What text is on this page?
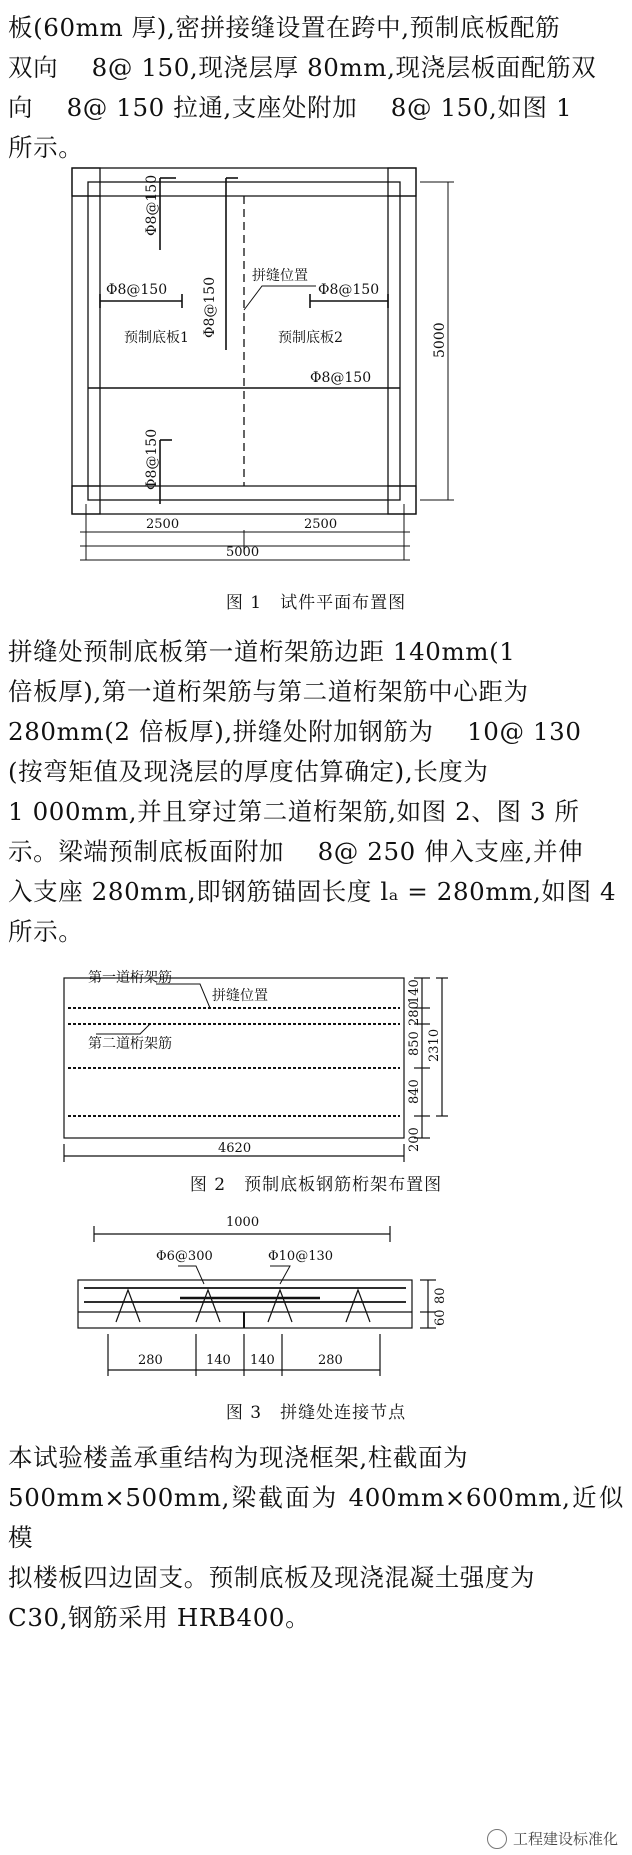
板(60mm 厚),密拼接缝设置在跨中,预制底板配筋

双向　 8@ 150,现浇层厚 80mm,现浇层板面配筋双

向　 8@ 150 拉通,支座处附加　 8@ 150,如图 1

所示。

Φ8@150
Φ8@150
Φ8@150
Φ8@150	Φ8@150
Φ8@150
拼缝位置
预制底板1	预制底板2	5000
2500	2500
5000
图 1　试件平面布置图

拼缝处预制底板第一道桁架筋边距 140mm(1

倍板厚),第一道桁架筋与第二道桁架筋中心距为

280mm(2 倍板厚),拼缝处附加钢筋为　 10@ 130

(按弯矩值及现浇层的厚度估算确定),长度为

1 000mm,并且穿过第二道桁架筋,如图 2、图 3 所

示。梁端预制底板面附加　 8@ 250 伸入支座,并伸

入支座 280mm,即钢筋锚固长度 lₐ = 280mm,如图 4

所示。

第一道桁架筋
拼缝位置
第二道桁架筋
140
280
850
840
200
2310
4620
图 2　预制底板钢筋桁架布置图
1000
Φ6@300	Φ10@130
80
60
280	140 140	280
图 3　拼缝处连接节点

本试验楼盖承重结构为现浇框架,柱截面为

500mm×500mm,梁截面为 400mm×600mm,近似模

拟楼板四边固支。预制底板及现浇混凝土强度为

C30,钢筋采用 HRB400。

工程建设标准化
